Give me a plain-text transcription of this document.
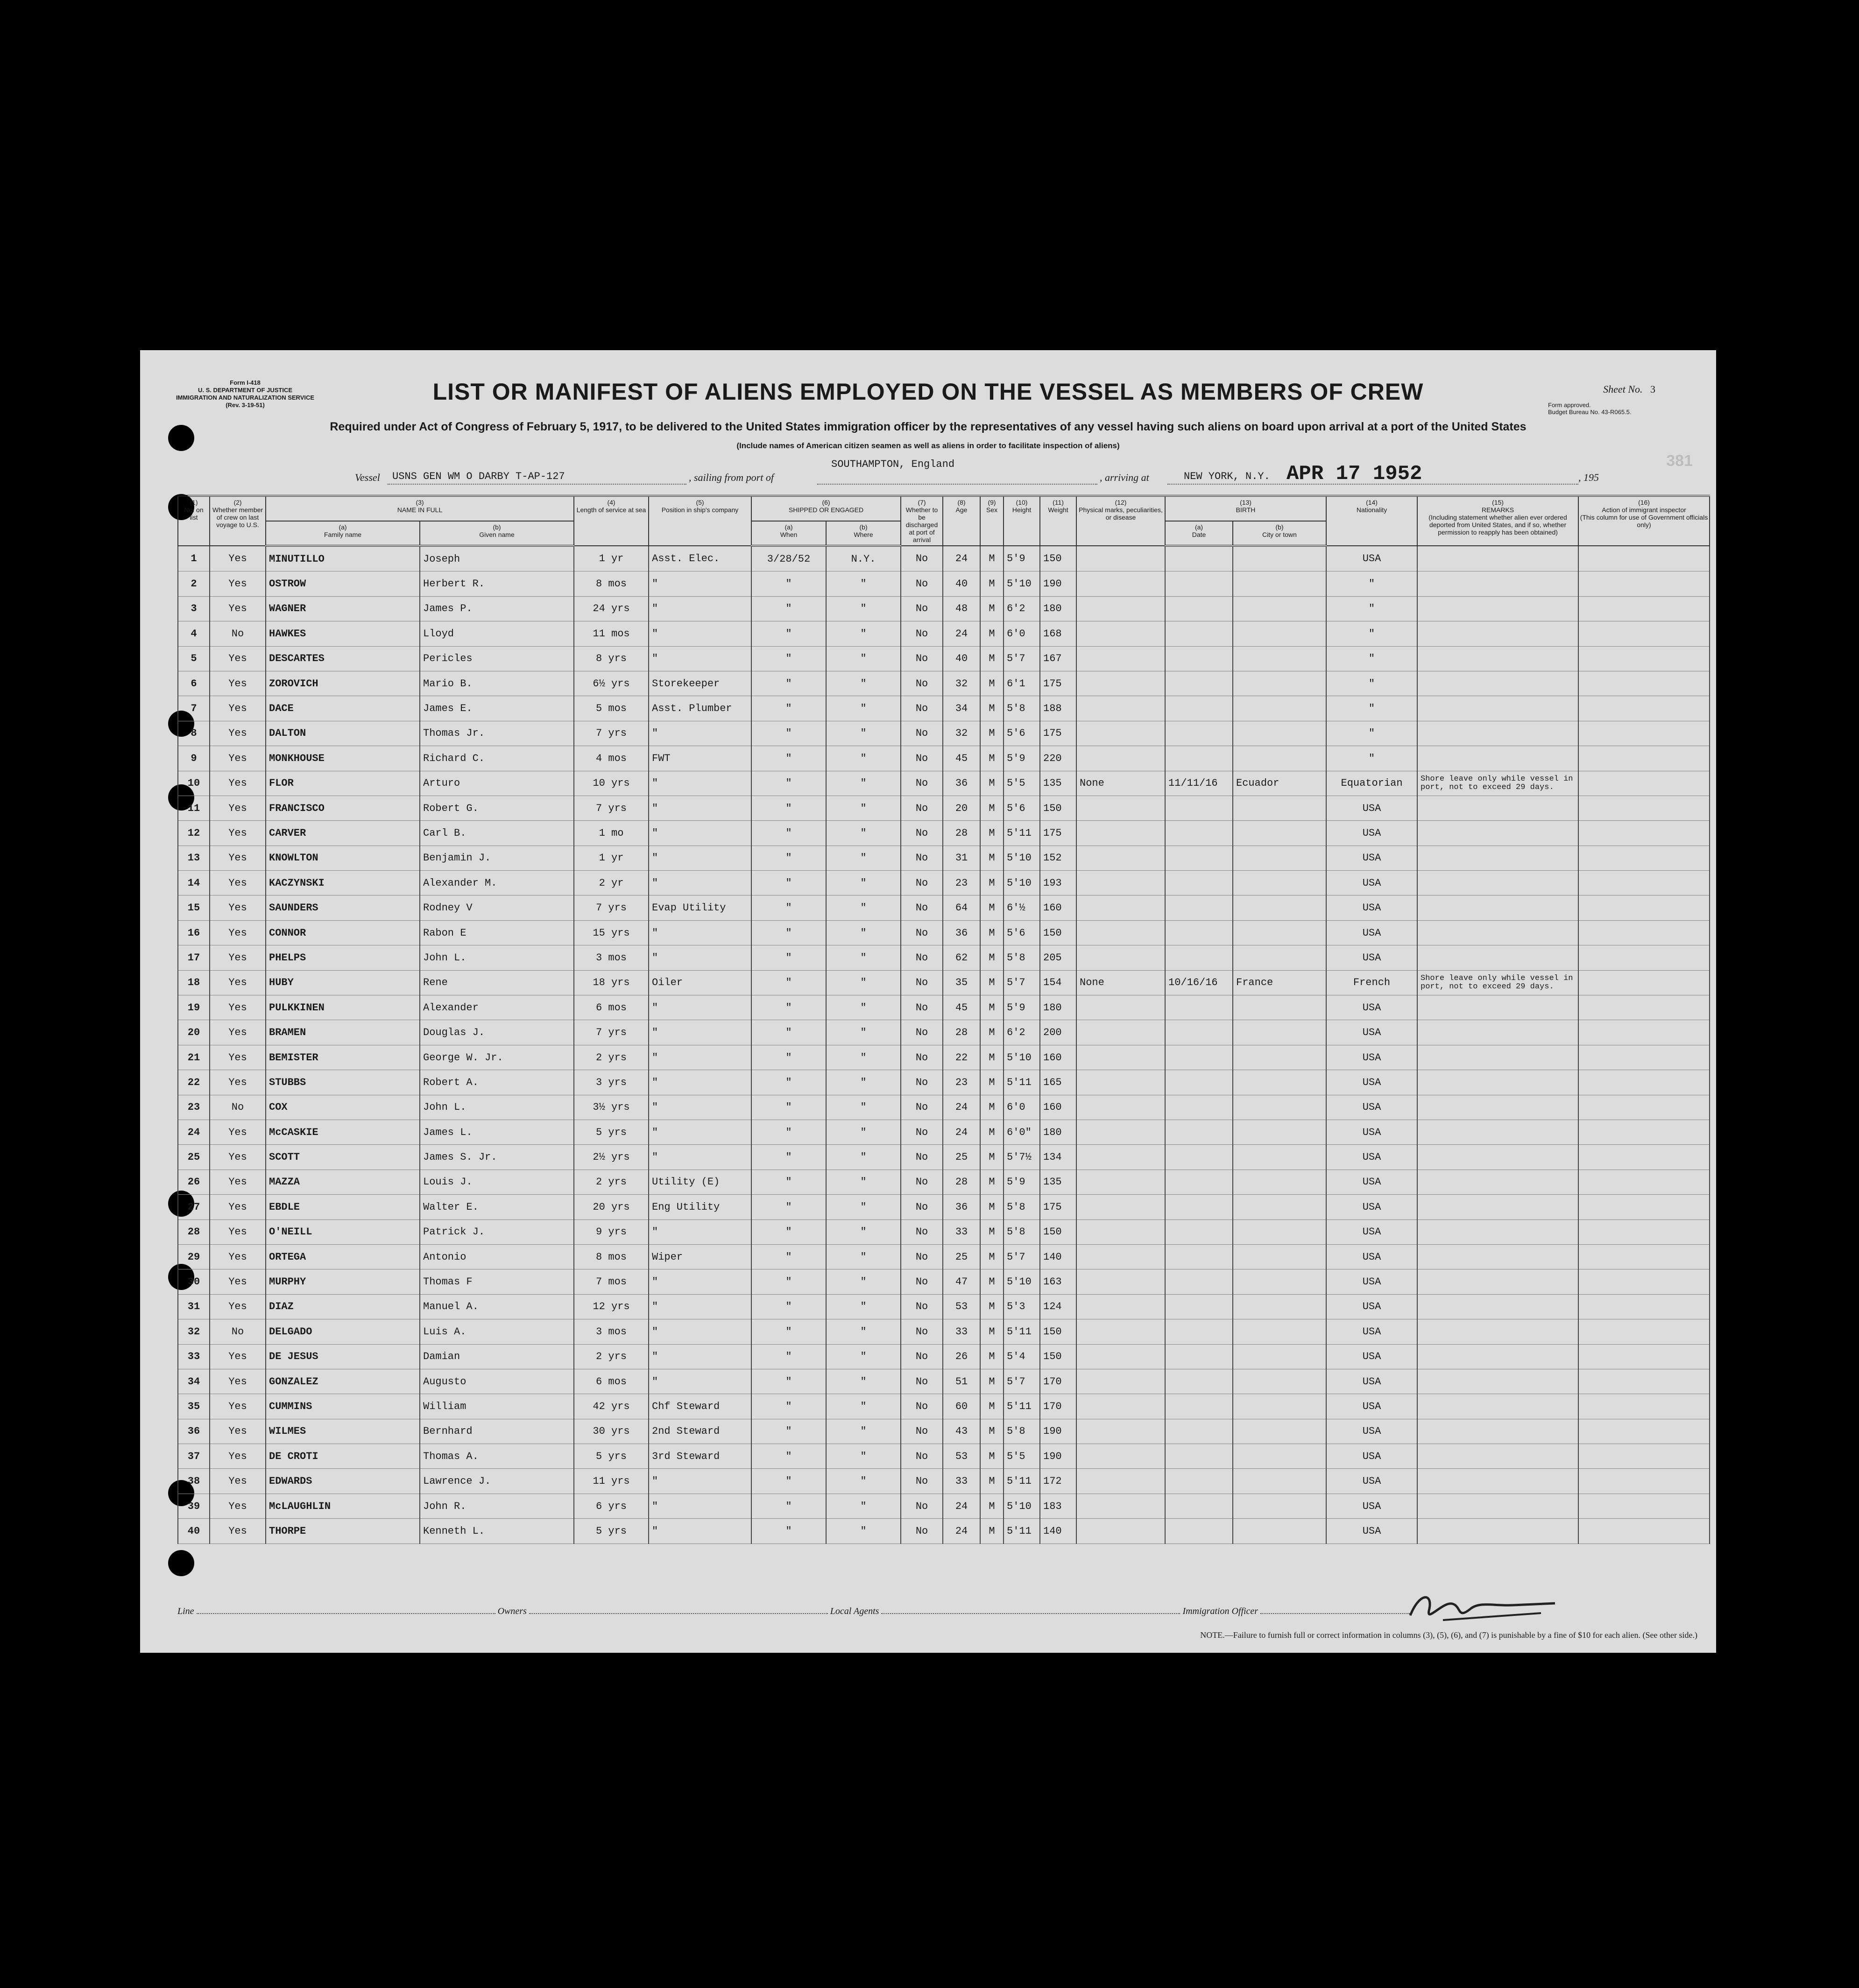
Form I-418
U. S. DEPARTMENT OF JUSTICE
IMMIGRATION AND NATURALIZATION SERVICE
(Rev. 3-19-51)
LIST OR MANIFEST OF ALIENS EMPLOYED ON THE VESSEL AS MEMBERS OF CREW	Sheet No. 3
Form approved.
Budget Bureau No. 43-R065.5.
Required under Act of Congress of February 5, 1917, to be delivered to the United States immigration officer by the representatives of any vessel having such aliens on board upon arrival at a port of the United States
(Include names of American citizen seamen as well as aliens in order to facilitate inspection of aliens)
381
Vessel USNS GEN WM O DARBY T-AP-127	, sailing from port of
SOUTHAMPTON, England
, arriving at	NEW YORK, N.Y. APR 17 1952	, 195
(1)
No. on list	(2)
Whether member of crew on last voyage to U.S.	(3)
NAME IN FULL		(4)
Length of service at sea	(5)
Position in ship's company	(6)
SHIPPED OR ENGAGED		(7)
Whether to be discharged at port of arrival	(8)
Age	(9)
Sex	(10)
Height	(11)
Weight	(12)
Physical marks, peculiarities, or disease	(13)
BIRTH		(14)
Nationality	(15)
REMARKS
(Including statement whether alien ever ordered deported from United States, and if so, whether permission to reapply has been obtained)	(16)
Action of immigrant inspector
(This column for use of Government officials only)
		(a)
Family name	(b)
Given name			(a)
When	(b)
Where							(a)
Date	(b)
City or town			
1	Yes	MINUTILLO	Joseph	1 yr	Asst. Elec.	3/28/52	N.Y.	No	24	M	5'9	150				USA		
2	Yes	OSTROW	Herbert R.	8 mos	"	"	"	No	40	M	5'10	190				"		
3	Yes	WAGNER	James P.	24 yrs	"	"	"	No	48	M	6'2	180				"		
4	No	HAWKES	Lloyd	11 mos	"	"	"	No	24	M	6'0	168				"		
5	Yes	DESCARTES	Pericles	8 yrs	"	"	"	No	40	M	5'7	167				"		
6	Yes	ZOROVICH	Mario B.	6½ yrs	Storekeeper	"	"	No	32	M	6'1	175				"		
7	Yes	DACE	James E.	5 mos	Asst. Plumber	"	"	No	34	M	5'8	188				"		
8	Yes	DALTON	Thomas Jr.	7 yrs	"	"	"	No	32	M	5'6	175				"		
9	Yes	MONKHOUSE	Richard C.	4 mos	FWT	"	"	No	45	M	5'9	220				"		
10	Yes	FLOR	Arturo	10 yrs	"	"	"	No	36	M	5'5	135	None	11/11/16	Ecuador	Equatorian	Shore leave only while vessel in port, not to exceed 29 days.	
11	Yes	FRANCISCO	Robert G.	7 yrs	"	"	"	No	20	M	5'6	150				USA		
12	Yes	CARVER	Carl B.	1 mo	"	"	"	No	28	M	5'11	175				USA		
13	Yes	KNOWLTON	Benjamin J.	1 yr	"	"	"	No	31	M	5'10	152				USA		
14	Yes	KACZYNSKI	Alexander M.	2 yr	"	"	"	No	23	M	5'10	193				USA		
15	Yes	SAUNDERS	Rodney V	7 yrs	Evap Utility	"	"	No	64	M	6'½	160				USA		
16	Yes	CONNOR	Rabon E	15 yrs	"	"	"	No	36	M	5'6	150				USA		
17	Yes	PHELPS	John L.	3 mos	"	"	"	No	62	M	5'8	205				USA		
18	Yes	HUBY	Rene	18 yrs	Oiler	"	"	No	35	M	5'7	154	None	10/16/16	France	French	Shore leave only while vessel in port, not to exceed 29 days.	
19	Yes	PULKKINEN	Alexander	6 mos	"	"	"	No	45	M	5'9	180				USA		
20	Yes	BRAMEN	Douglas J.	7 yrs	"	"	"	No	28	M	6'2	200				USA		
21	Yes	BEMISTER	George W. Jr.	2 yrs	"	"	"	No	22	M	5'10	160				USA		
22	Yes	STUBBS	Robert A.	3 yrs	"	"	"	No	23	M	5'11	165				USA		
23	No	COX	John L.	3½ yrs	"	"	"	No	24	M	6'0	160				USA		
24	Yes	McCASKIE	James L.	5 yrs	"	"	"	No	24	M	6'0"	180				USA		
25	Yes	SCOTT	James S. Jr.	2½ yrs	"	"	"	No	25	M	5'7½	134				USA		
26	Yes	MAZZA	Louis J.	2 yrs	Utility (E)	"	"	No	28	M	5'9	135				USA		
27	Yes	EBDLE	Walter E.	20 yrs	Eng Utility	"	"	No	36	M	5'8	175				USA		
28	Yes	O'NEILL	Patrick J.	9 yrs	"	"	"	No	33	M	5'8	150				USA		
29	Yes	ORTEGA	Antonio	8 mos	Wiper	"	"	No	25	M	5'7	140				USA		
30	Yes	MURPHY	Thomas F	7 mos	"	"	"	No	47	M	5'10	163				USA		
31	Yes	DIAZ	Manuel A.	12 yrs	"	"	"	No	53	M	5'3	124				USA		
32	No	DELGADO	Luis A.	3 mos	"	"	"	No	33	M	5'11	150				USA		
33	Yes	DE JESUS	Damian	2 yrs	"	"	"	No	26	M	5'4	150				USA		
34	Yes	GONZALEZ	Augusto	6 mos	"	"	"	No	51	M	5'7	170				USA		
35	Yes	CUMMINS	William	42 yrs	Chf Steward	"	"	No	60	M	5'11	170				USA		
36	Yes	WILMES	Bernhard	30 yrs	2nd Steward	"	"	No	43	M	5'8	190				USA		
37	Yes	DE CROTI	Thomas A.	5 yrs	3rd Steward	"	"	No	53	M	5'5	190				USA		
38	Yes	EDWARDS	Lawrence J.	11 yrs	"	"	"	No	33	M	5'11	172				USA		
39	Yes	McLAUGHLIN	John R.	6 yrs	"	"	"	No	24	M	5'10	183				USA		
40	Yes	THORPE	Kenneth L.	5 yrs	"	"	"	No	24	M	5'11	140				USA		
Line	Owners	Local Agents	Immigration Officer
NOTE.—Failure to furnish full or correct information in columns (3), (5), (6), and (7) is punishable by a fine of $10 for each alien. (See other side.)
